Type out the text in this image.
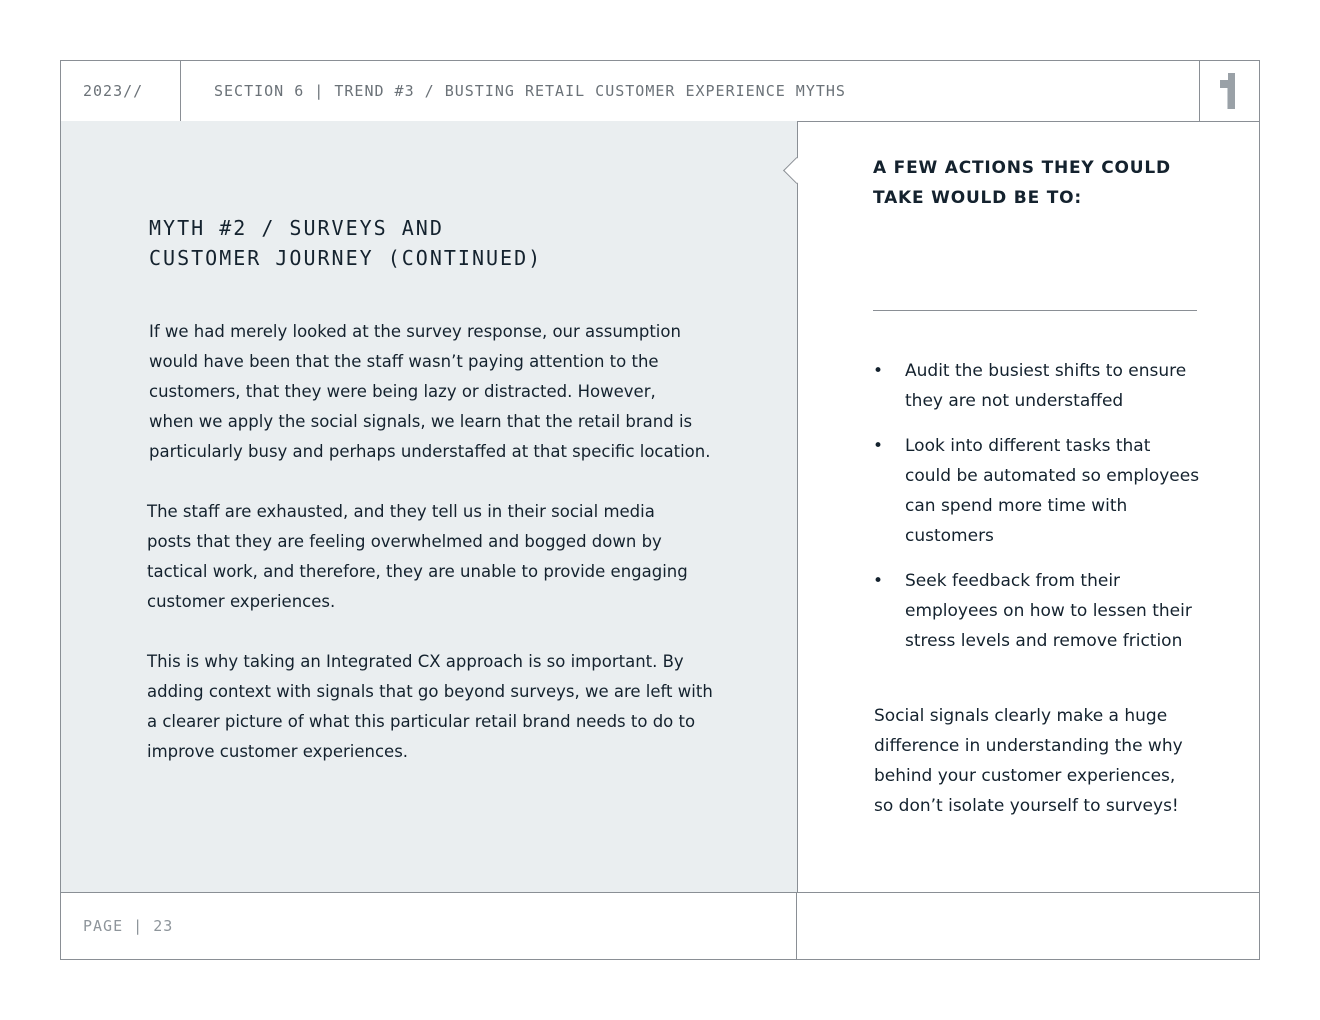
2023//	SECTION 6 | TREND #3 / BUSTING RETAIL CUSTOMER EXPERIENCE MYTHS
MYTH #2 / SURVEYS AND
CUSTOMER JOURNEY (CONTINUED)
If we had merely looked at the survey response, our assumption
would have been that the staff wasn’t paying attention to the
customers, that they were being lazy or distracted. However,
when we apply the social signals, we learn that the retail brand is
particularly busy and perhaps understaffed at that specific location.
The staff are exhausted, and they tell us in their social media
posts that they are feeling overwhelmed and bogged down by
tactical work, and therefore, they are unable to provide engaging
customer experiences.
This is why taking an Integrated CX approach is so important. By
adding context with signals that go beyond surveys, we are left with
a clearer picture of what this particular retail brand needs to do to
improve customer experiences.
A FEW ACTIONS THEY COULD
TAKE WOULD BE TO:
• Audit the busiest shifts to ensure
they are not understaffed
• Look into different tasks that
could be automated so employees
can spend more time with
customers
• Seek feedback from their
employees on how to lessen their
stress levels and remove friction
Social signals clearly make a huge
difference in understanding the why
behind your customer experiences,
so don’t isolate yourself to surveys!
PAGE | 23
